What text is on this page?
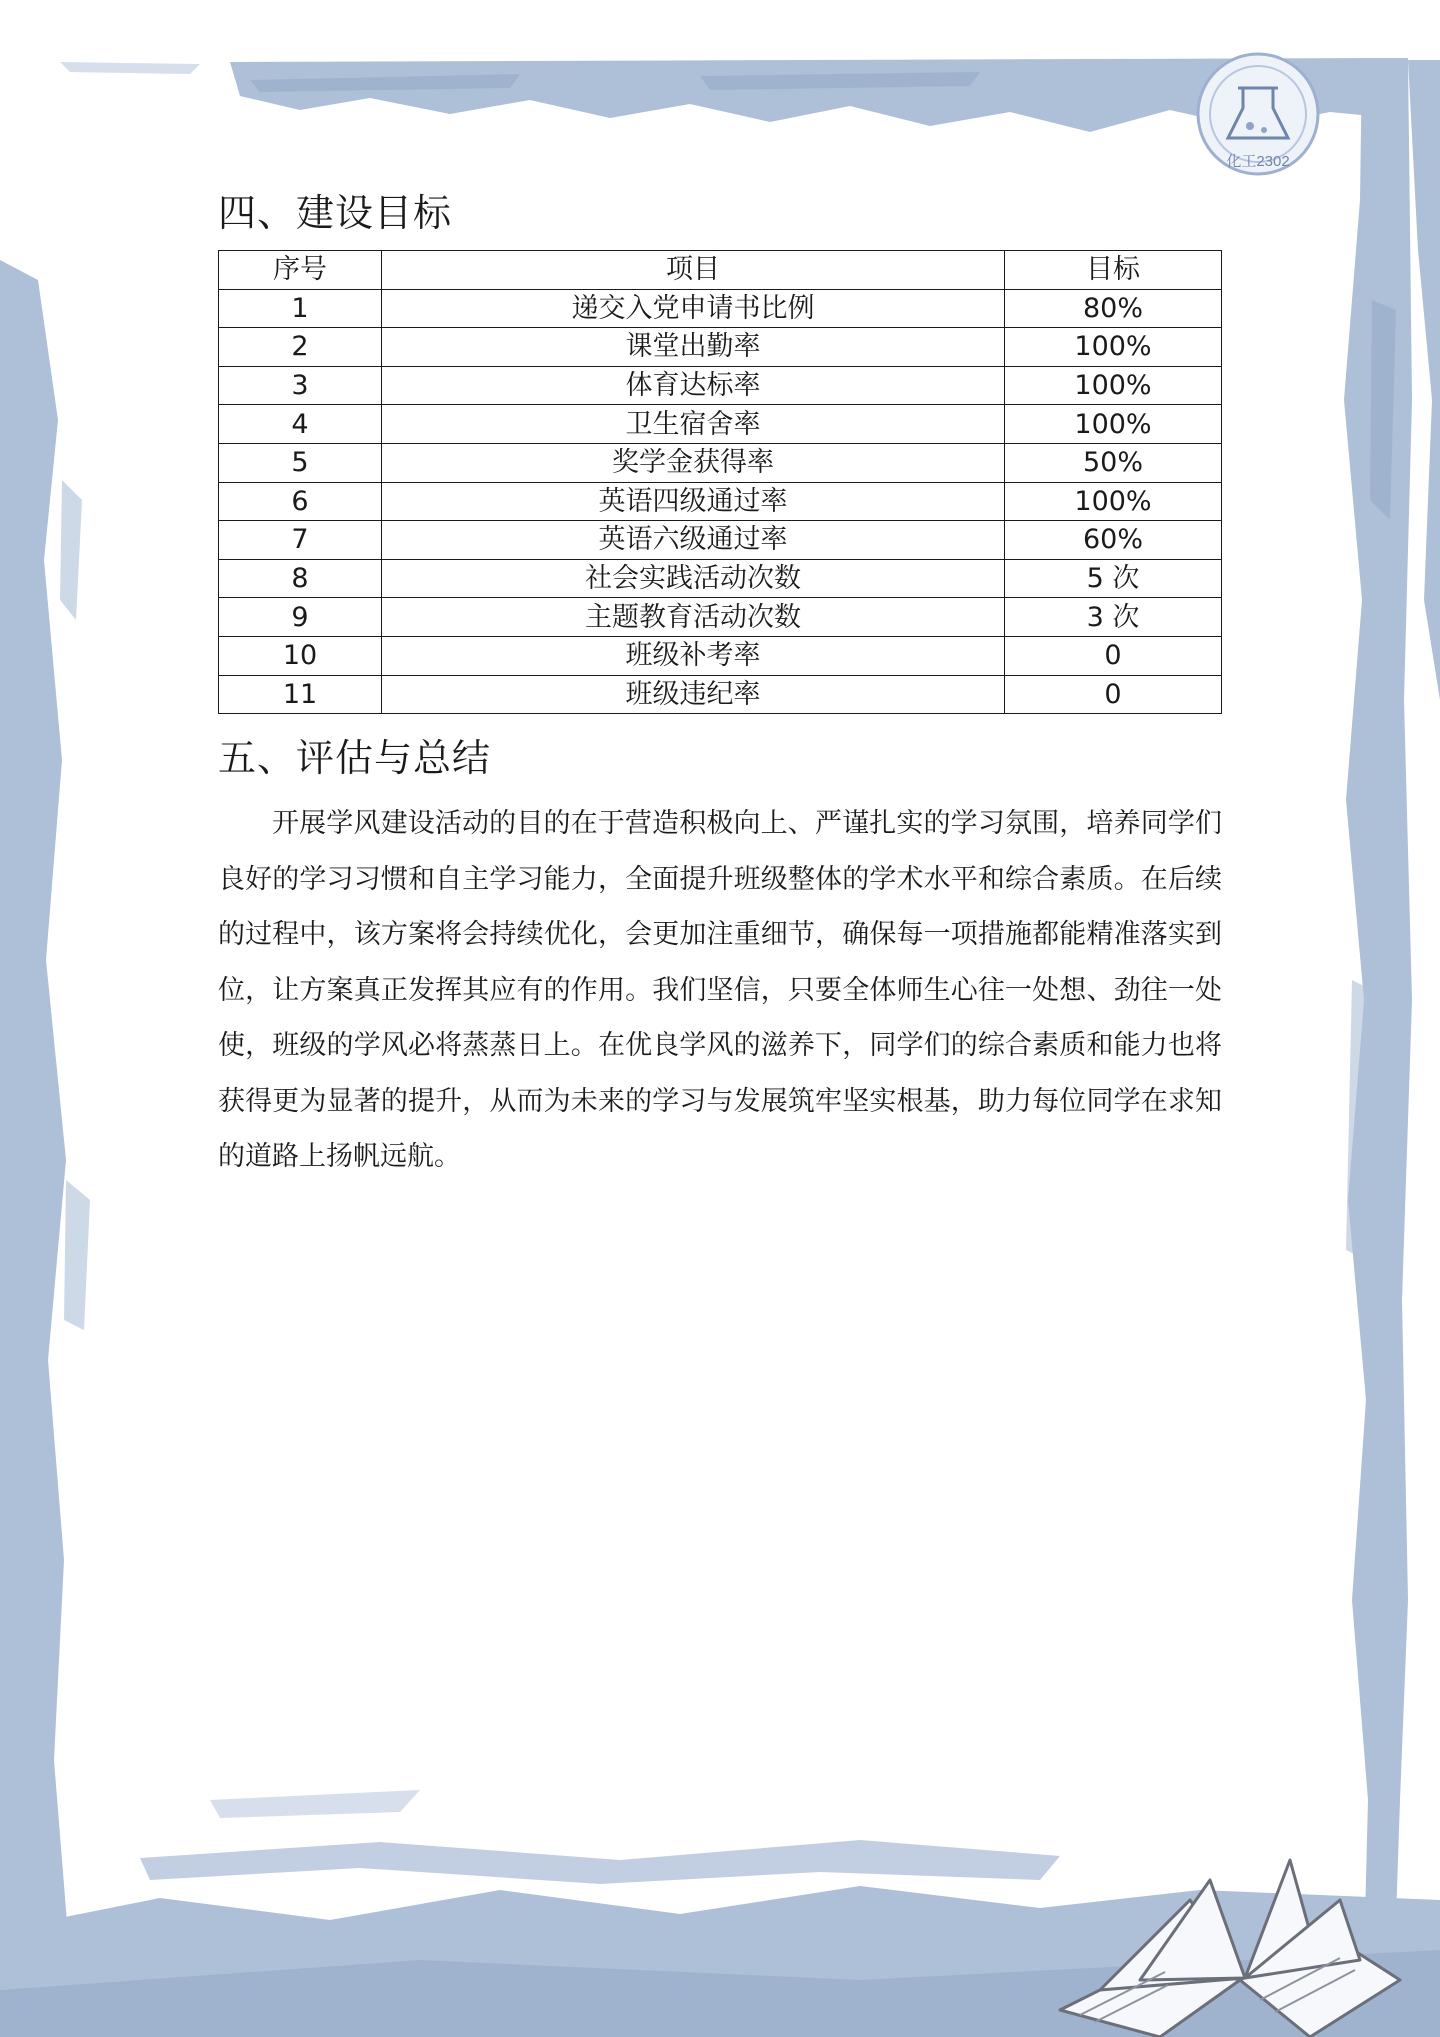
化工2302
四、建设目标
序号	项目	目标
1	递交入党申请书比例	80%
2	课堂出勤率	100%
3	体育达标率	100%
4	卫生宿舍率	100%
5	奖学金获得率	50%
6	英语四级通过率	100%
7	英语六级通过率	60%
8	社会实践活动次数	5 次
9	主题教育活动次数	3 次
10	班级补考率	0
11	班级违纪率	0
五、评估与总结

开展学风建设活动的目的在于营造积极向上、严谨扎实的学习氛围，培养同学们良好的学习习惯和自主学习能力，全面提升班级整体的学术水平和综合素质。在后续的过程中，该方案将会持续优化，会更加注重细节，确保每一项措施都能精准落实到位，让方案真正发挥其应有的作用。我们坚信，只要全体师生心往一处想、劲往一处使，班级的学风必将蒸蒸日上。在优良学风的滋养下，同学们的综合素质和能力也将获得更为显著的提升，从而为未来的学习与发展筑牢坚实根基，助力每位同学在求知的道路上扬帆远航。
